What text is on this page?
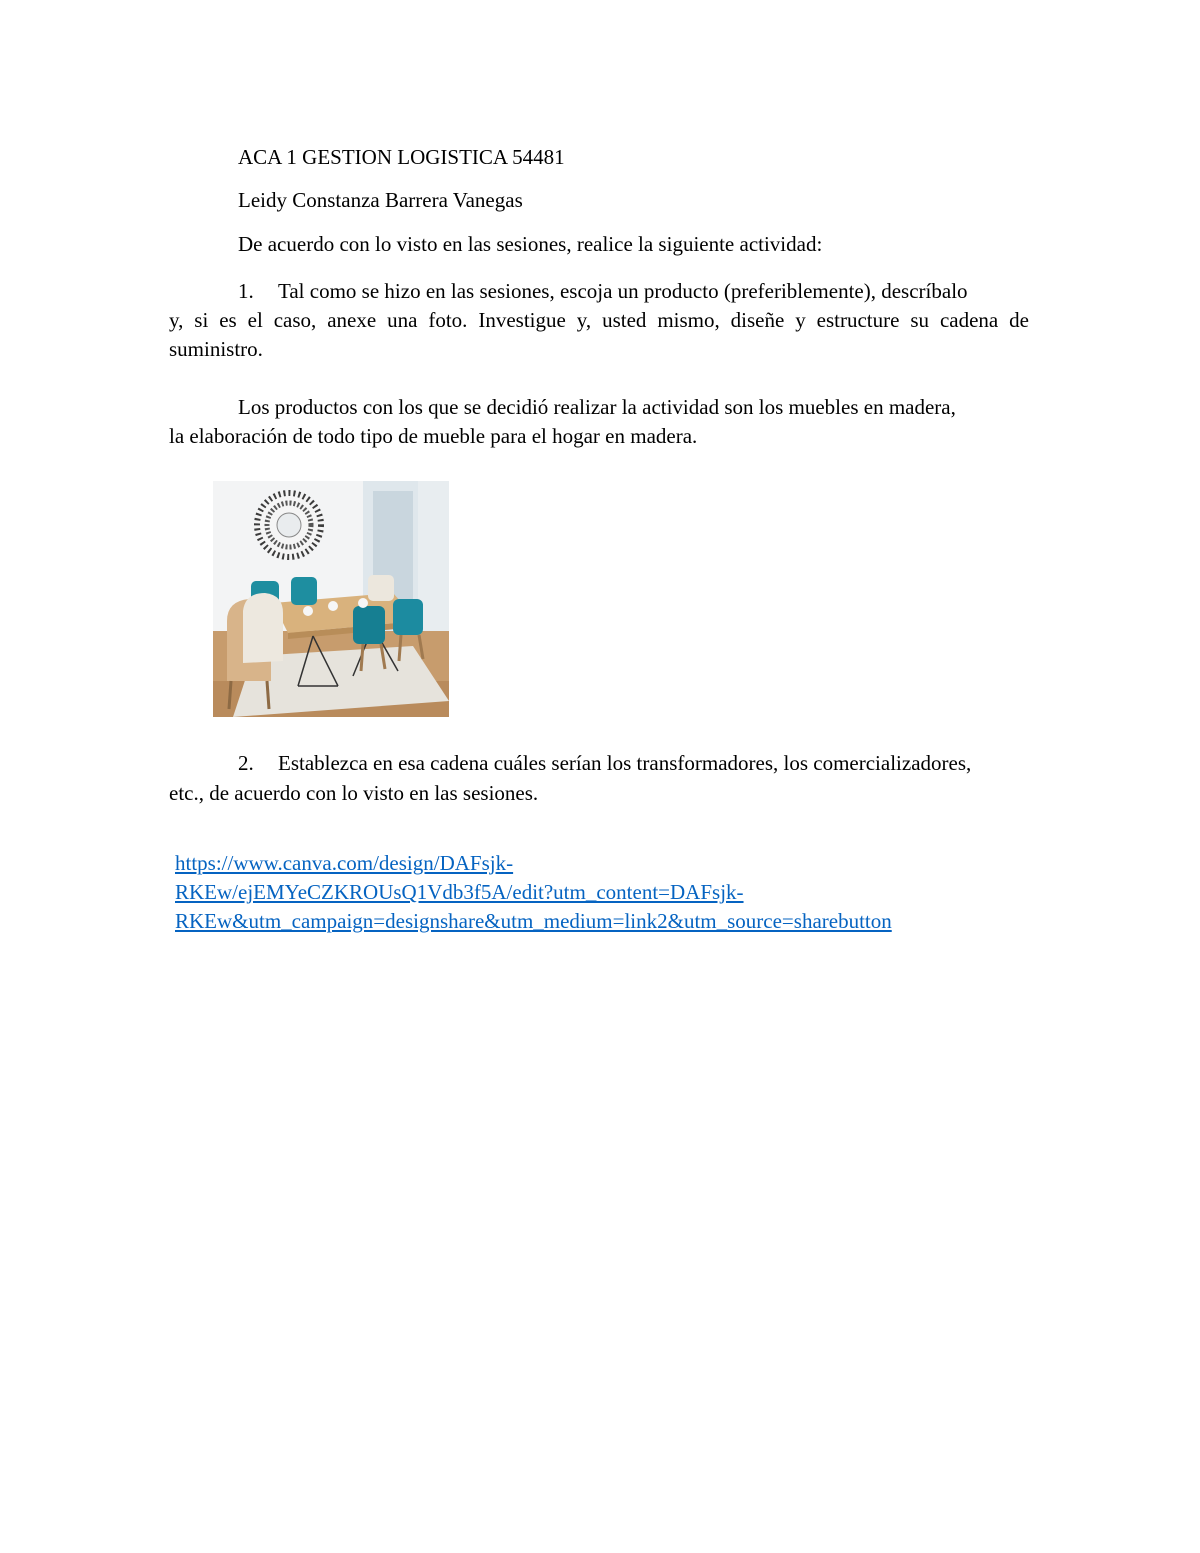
ACA 1 GESTION LOGISTICA 54481
Leidy Constanza Barrera Vanegas
De acuerdo con lo visto en las sesiones, realice la siguiente actividad:
1. Tal como se hizo en las sesiones, escoja un producto (preferiblemente), descríbalo

y, si es el caso, anexe una foto. Investigue y, usted mismo, diseñe y estructure su cadena de suministro.

Los productos con los que se decidió realizar la actividad son los muebles en madera,
la elaboración de todo tipo de mueble para el hogar en madera.
2. Establezca en esa cadena cuáles serían los transformadores, los comercializadores,
etc., de acuerdo con lo visto en las sesiones.
https://www.canva.com/design/DAFsjk-
RKEw/ejEMYeCZKROUsQ1Vdb3f5A/edit?utm_content=DAFsjk-
RKEw&utm_campaign=designshare&utm_medium=link2&utm_source=sharebutton
